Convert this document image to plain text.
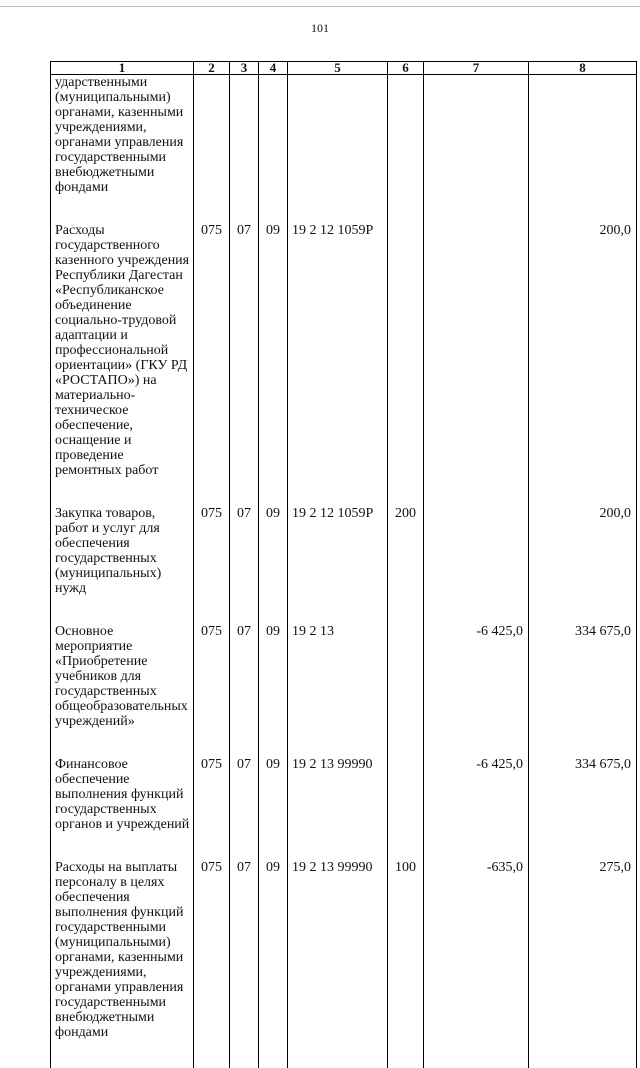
101
1	2	3	4	5	6	7	8
ударственными (муниципальными) органами, казенными учреждениями, органами управления государственными внебюджетными фондами							

Расходы государственного казенного учреждения Республики Дагестан «Республиканское объединение социально-трудовой адаптации и профессиональной ориентации» (ГКУ РД «РОСТАПО») на материально-техническое обеспечение, оснащение и проведение ремонтных работ	075	07	09	19 2 12 1059Р			200,0

Закупка товаров, работ и услуг для обеспечения государственных (муниципальных) нужд	075	07	09	19 2 12 1059Р	200		200,0

Основное мероприятие «Приобретение учебников для государственных общеобразовательных учреждений»	075	07	09	19 2 13		-6 425,0	334 675,0

Финансовое обеспечение выполнения функций государственных органов и учреждений	075	07	09	19 2 13 99990		-6 425,0	334 675,0

Расходы на выплаты персоналу в целях обеспечения выполнения функций государственными (муниципальными) органами, казенными учреждениями, органами управления государственными внебюджетными фондами	075	07	09	19 2 13 99990	100	-635,0	275,0
